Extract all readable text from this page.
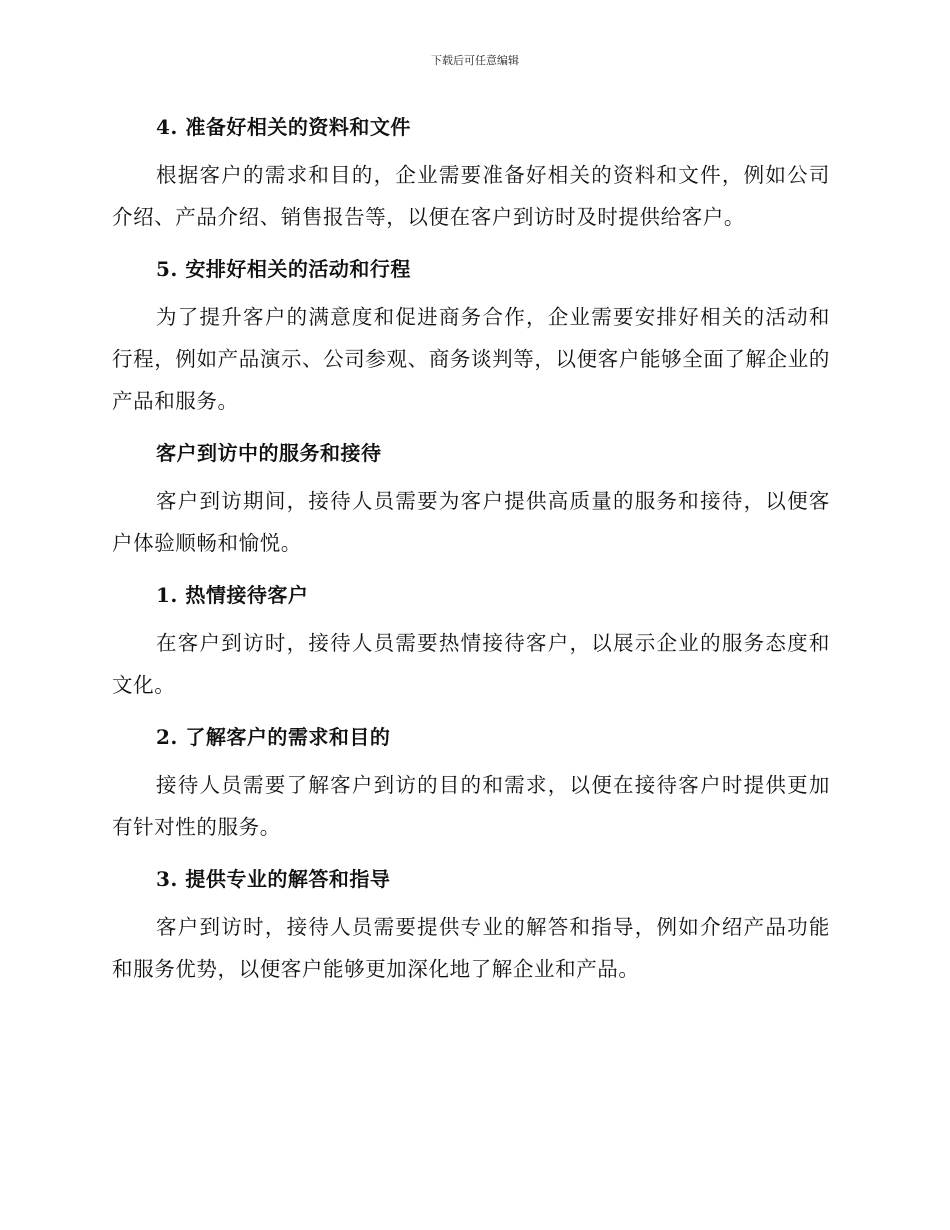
下载后可任意编辑
4. 准备好相关的资料和文件

根据客户的需求和目的，企业需要准备好相关的资料和文件，例如公司介绍、产品介绍、销售报告等，以便在客户到访时及时提供给客户。

5. 安排好相关的活动和行程

为了提升客户的满意度和促进商务合作，企业需要安排好相关的活动和行程，例如产品演示、公司参观、商务谈判等，以便客户能够全面了解企业的产品和服务。

客户到访中的服务和接待

客户到访期间，接待人员需要为客户提供高质量的服务和接待，以便客户体验顺畅和愉悦。

1. 热情接待客户

在客户到访时，接待人员需要热情接待客户，以展示企业的服务态度和文化。

2. 了解客户的需求和目的

接待人员需要了解客户到访的目的和需求，以便在接待客户时提供更加有针对性的服务。

3. 提供专业的解答和指导

客户到访时，接待人员需要提供专业的解答和指导，例如介绍产品功能和服务优势，以便客户能够更加深化地了解企业和产品。
